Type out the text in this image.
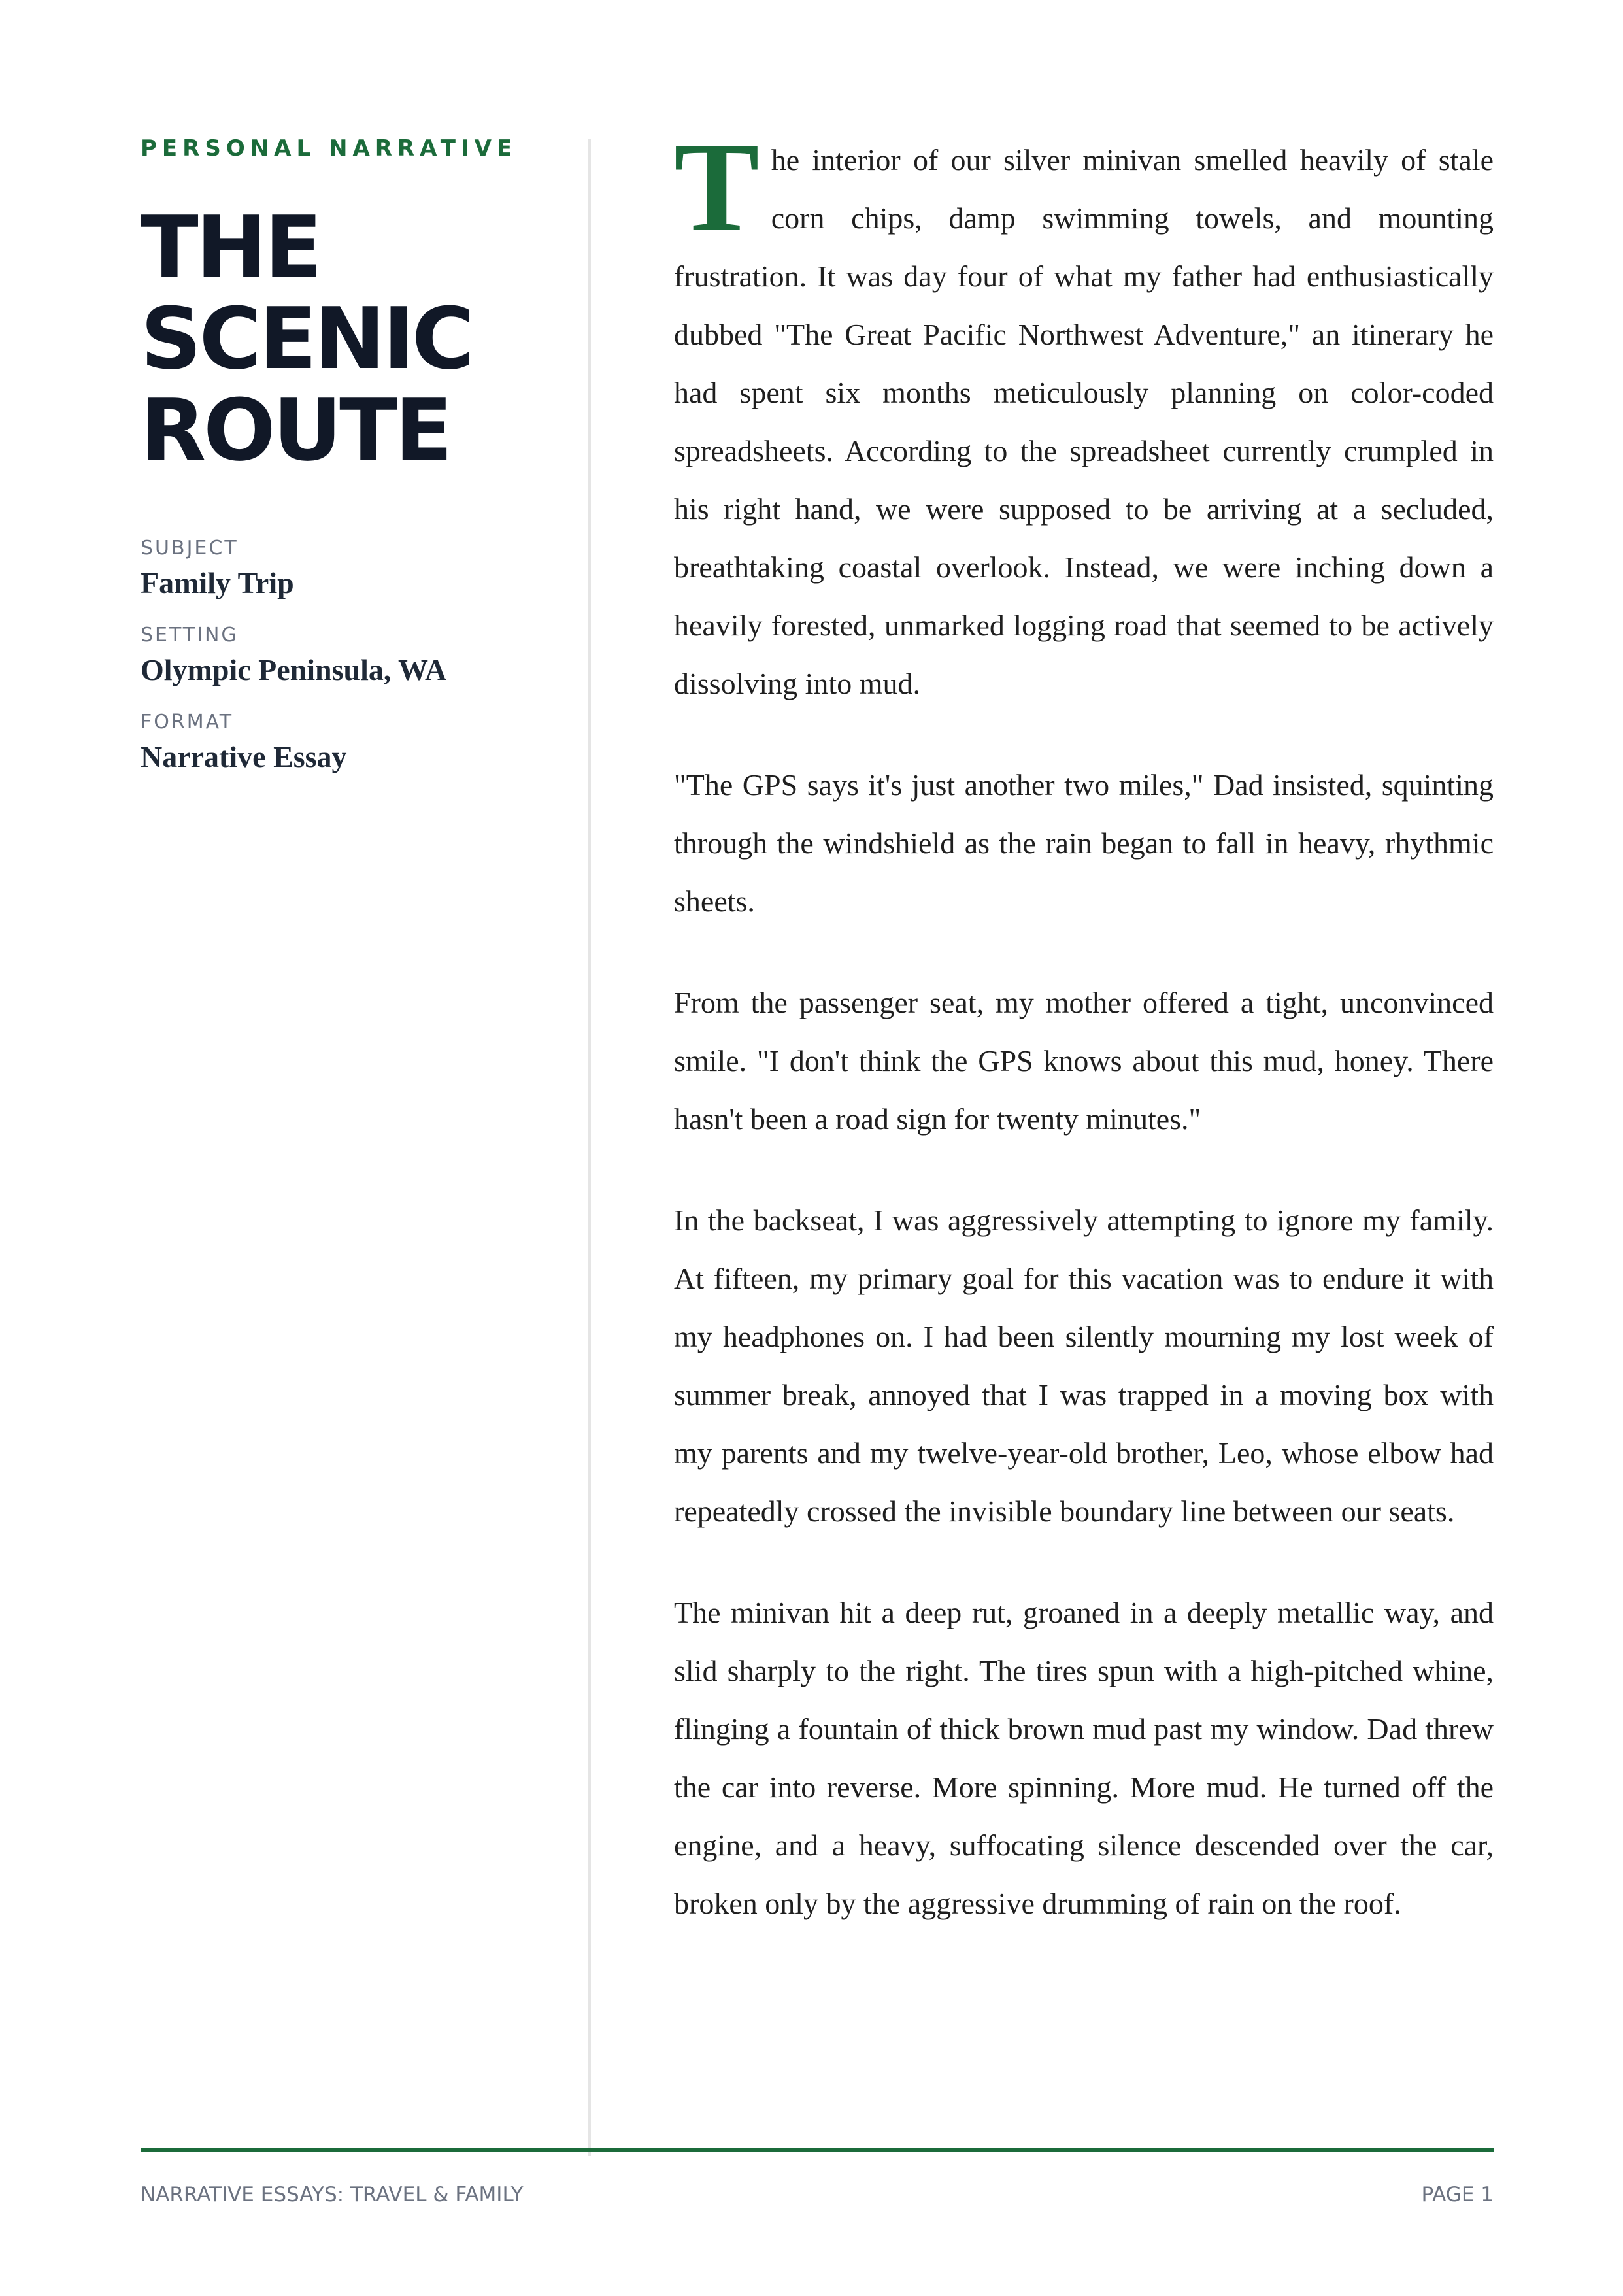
PERSONAL NARRATIVE

THE
SCENIC
ROUTE
SUBJECT
Family Trip
SETTING
Olympic Peninsula, WA
FORMAT
Narrative Essay

The interior of our silver minivan smelled heavily of stale corn chips, damp swimming towels, and mounting frustration. It was day four of what my father had enthusiastically dubbed "The Great Pacific Northwest Adventure," an itinerary he had spent six months meticulously planning on color-coded spreadsheets. According to the spreadsheet currently crumpled in his right hand, we were supposed to be arriving at a secluded, breathtaking coastal overlook. Instead, we were inching down a heavily forested, unmarked logging road that seemed to be actively dissolving into mud.

"The GPS says it's just another two miles," Dad insisted, squinting through the windshield as the rain began to fall in heavy, rhythmic sheets.

From the passenger seat, my mother offered a tight, unconvinced smile. "I don't think the GPS knows about this mud, honey. There hasn't been a road sign for twenty minutes."

In the backseat, I was aggressively attempting to ignore my family. At fifteen, my primary goal for this vacation was to endure it with my headphones on. I had been silently mourning my lost week of summer break, annoyed that I was trapped in a moving box with my parents and my twelve-year-old brother, Leo, whose elbow had repeatedly crossed the invisible boundary line between our seats.

The minivan hit a deep rut, groaned in a deeply metallic way, and slid sharply to the right. The tires spun with a high-pitched whine, flinging a fountain of thick brown mud past my window. Dad threw the car into reverse. More spinning. More mud. He turned off the engine, and a heavy, suffocating silence descended over the car, broken only by the aggressive drumming of rain on the roof.

NARRATIVE ESSAYS: TRAVEL & FAMILY	PAGE 1
